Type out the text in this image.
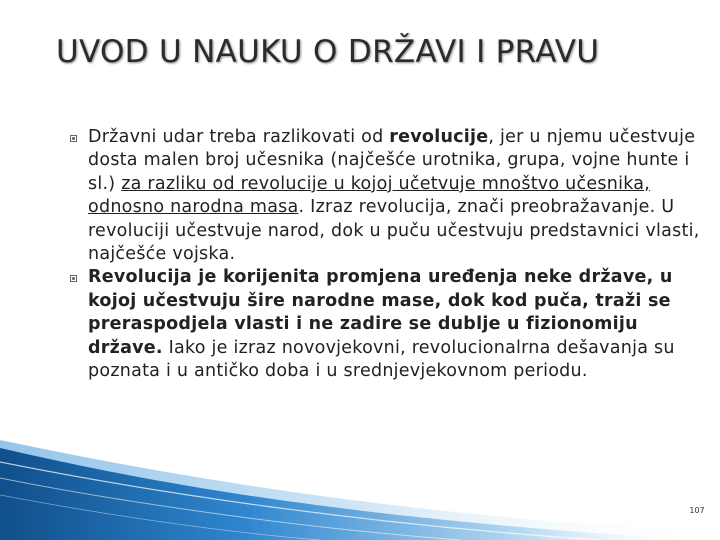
UVOD U NAUKU O DRŽAVI I PRAVU
Državni udar treba razlikovati od revolucije, jer u njemu učestvuje dosta malen broj učesnika (najčešće urotnika, grupa, vojne hunte i sl.) za razliku od revolucije u kojoj učetvuje mnoštvo učesnika, odnosno narodna masa. Izraz revolucija, znači preobražavanje. U revoluciji učestvuje narod, dok u puču učestvuju predstavnici vlasti, najčešće vojska.
Revolucija je korijenita promjena uređenja neke države, u kojoj učestvuju šire narodne mase, dok kod puča, traži se preraspodjela vlasti i ne zadire se dublje u fizionomiju države. Iako je izraz novovjekovni, revolucionalrna dešavanja su poznata i u antičko doba i u srednjevjekovnom periodu.
107
